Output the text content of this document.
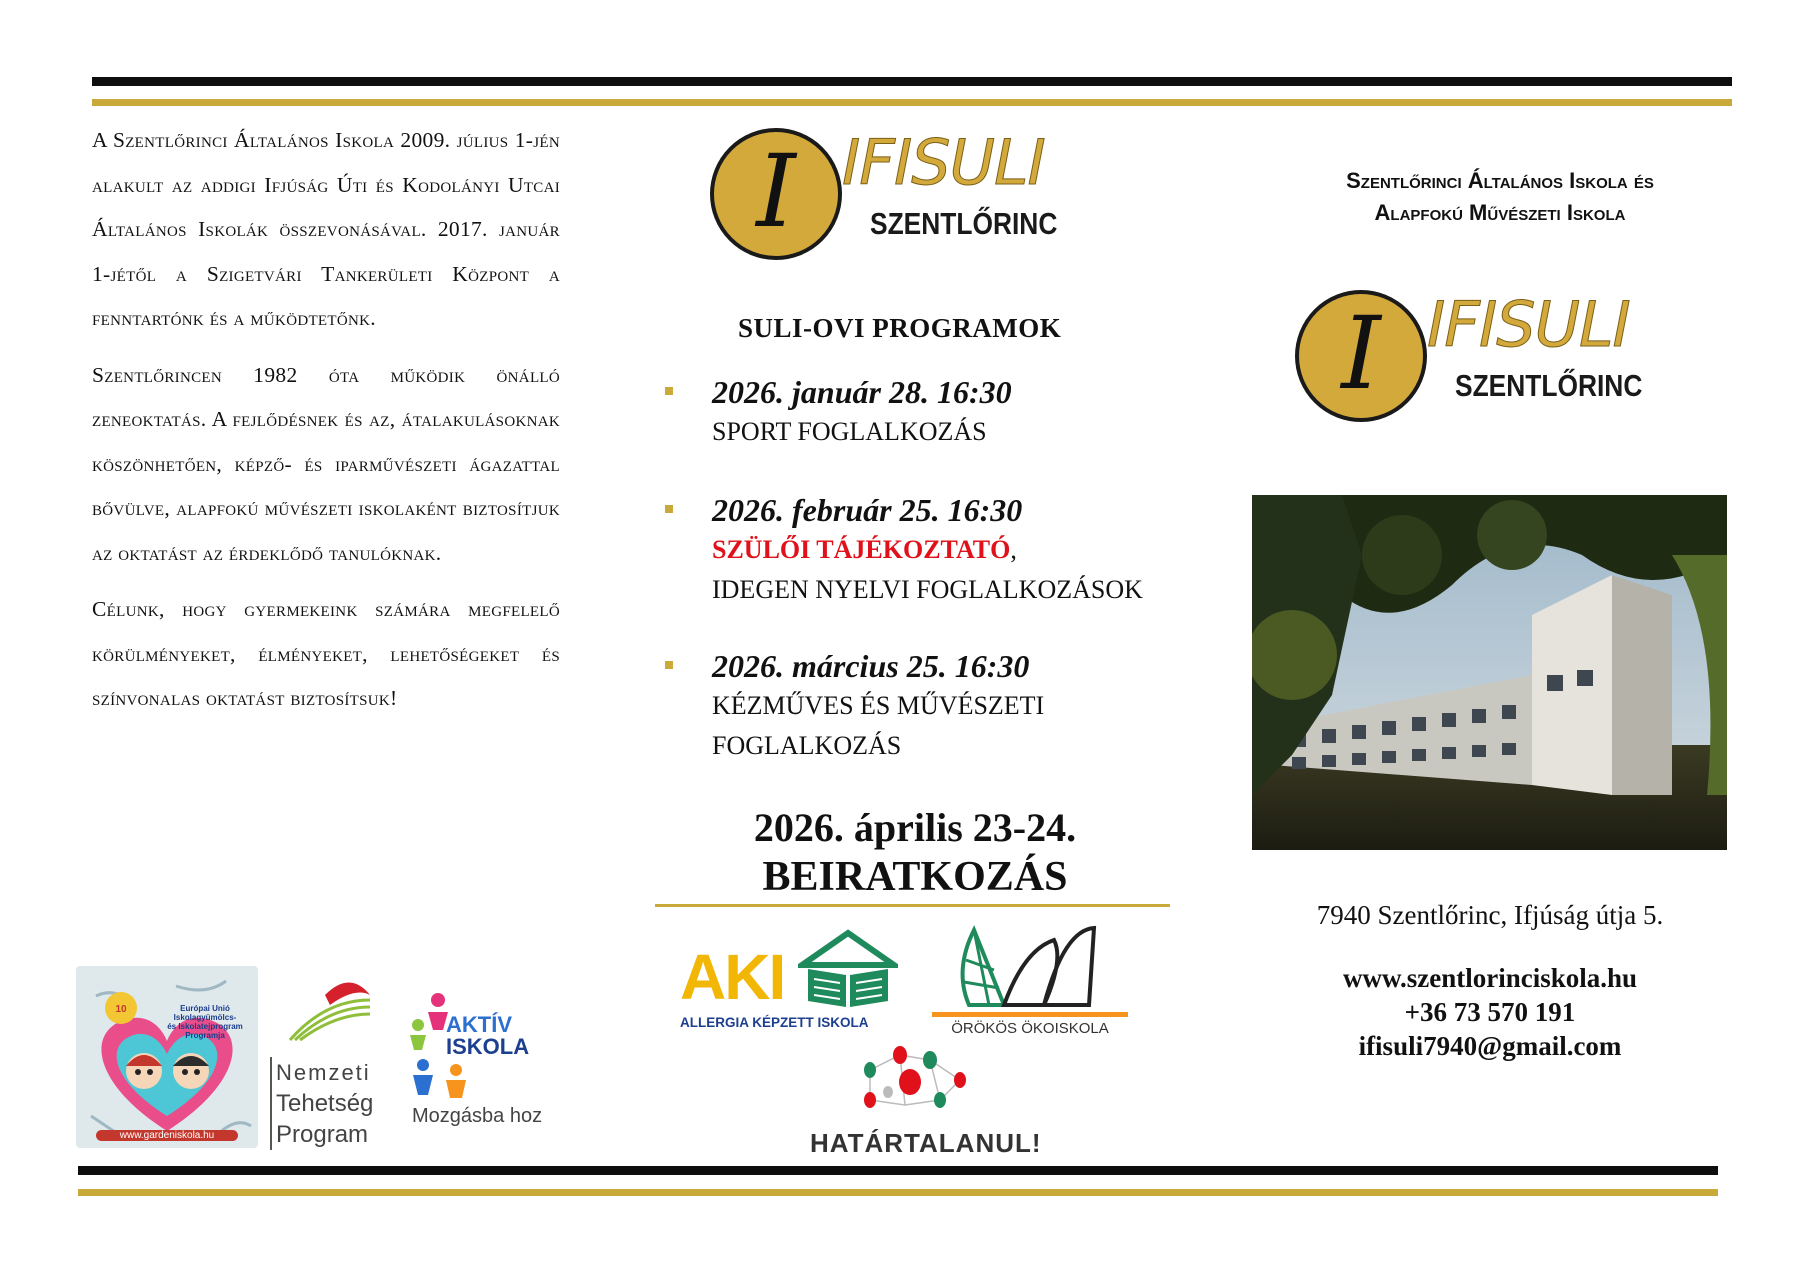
A Szentlőrinci Általános Iskola 2009. július 1-jén alakult az addigi Ifjúság Úti és Kodolányi Utcai Általános Iskolák összevonásával. 2017. január 1-jétől a Szigetvári Tankerületi Központ a fenntartónk és a működtetőnk.

Szentlőrincen 1982 óta működik önálló zeneoktatás. A fejlődésnek és az, átalakulásoknak köszönhetően, képző- és iparművészeti ágazattal bővülve, alapfokú művészeti iskolaként biztosítjuk az oktatást az érdeklődő tanulóknak.

Célunk, hogy gyermekeink számára megfelelő körülményeket, élményeket, lehetőségeket és színvonalas oktatást biztosítsuk!

10	Európai Unió
Iskolagyümölcs-
és Iskolatejprogram
Programja
www.gardeniskola.hu
Nemzeti
Tehetség
Program
AKTÍV
ISKOLA
Mozgásba hoz
I IFISULI
SZENTLŐRINC
SULI-OVI PROGRAMOK
2026. január 28. 16:30
SPORT FOGLALKOZÁS
2026. február 25. 16:30
SZÜLŐI TÁJÉKOZTATÓ,
IDEGEN NYELVI FOGLALKOZÁSOK
2026. március 25. 16:30
KÉZMŰVES ÉS MŰVÉSZETI
FOGLALKOZÁS
2026. április 23-24.
BEIRATKOZÁS
AKI
ALLERGIA KÉPZETT ISKOLA	ÖRÖKÖS ÖKOISKOLA
HATÁRTALANUL!
Szentlőrinci Általános Iskola és
Alapfokú Művészeti Iskola
I IFISULI
SZENTLŐRINC
7940 Szentlőrinc, Ifjúság útja 5.
www.szentlorinciskola.hu
+36 73 570 191
ifisuli7940@gmail.com
